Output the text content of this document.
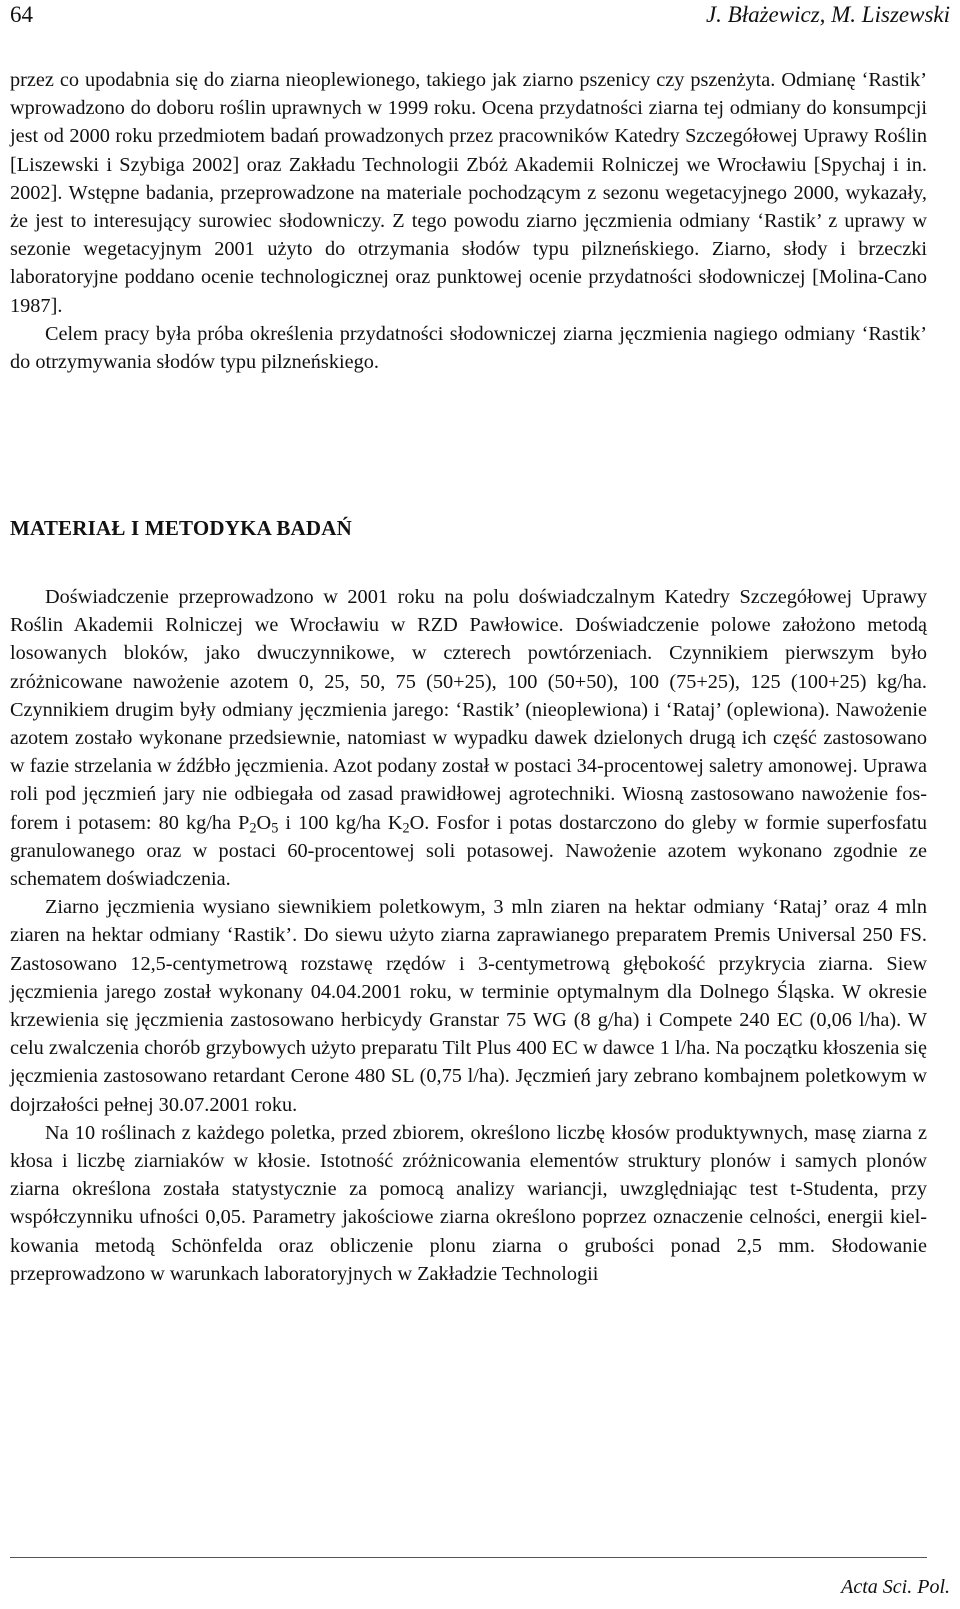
64	J. Błażewicz, M. Liszewski

przez co upodabnia się do ziarna nieoplewionego, takiego jak ziarno pszenicy czy pszenżyta. Odmianę ‘Rastik’ wprowadzono do doboru roślin uprawnych w 1999 roku. Ocena przydatności ziarna tej odmiany do konsumpcji jest od 2000 roku przedmiotem badań prowadzonych przez pracowników Katedry Szczegółowej Uprawy Roślin [Liszewski i Szybiga 2002] oraz Zakładu Technologii Zbóż Akademii Rolniczej we Wrocławiu [Spychaj i in. 2002]. Wstępne badania, przeprowadzone na materiale pochodzącym z sezonu wegetacyjnego 2000, wykazały, że jest to interesujący surowiec słodowniczy. Z tego powodu ziarno jęczmienia odmiany ‘Rastik’ z uprawy w sezonie wegetacyjnym 2001 użyto do otrzymania słodów typu pilzneńskiego. Ziarno, słody i brzeczki laboratoryjne poddano ocenie technologicznej oraz punktowej ocenie przydatności słodowniczej [Molina-Cano 1987].

Celem pracy była próba określenia przydatności słodowniczej ziarna jęczmienia nagiego odmiany ‘Rastik’ do otrzymywania słodów typu pilzneńskiego.

MATERIAŁ I METODYKA BADAŃ

Doświadczenie przeprowadzono w 2001 roku na polu doświadczalnym Katedry Szczegółowej Uprawy Roślin Akademii Rolniczej we Wrocławiu w RZD Pawłowice. Doświadczenie polowe założono metodą losowanych bloków, jako dwuczynnikowe, w czterech powtórzeniach. Czynnikiem pierwszym było zróżnicowane nawożenie azotem 0, 25, 50, 75 (50+25), 100 (50+50), 100 (75+25), 125 (100+25) kg/ha. Czynnikiem drugim były odmiany jęczmienia jarego: ‘Rastik’ (nieoplewiona) i ‘Rataj’ (oplewiona). Nawożenie azotem zostało wykonane przedsiewnie, natomiast w wypadku dawek dzielonych drugą ich część zastosowano w fazie strzelania w źdźbło jęczmienia. Azot podany został w postaci 34-procentowej saletry amonowej. Uprawa roli pod jęczmień jary nie odbiegała od zasad prawidłowej agrotechniki. Wiosną zastosowano nawożenie fosforem i potasem: 80 kg/ha $P_2O_5$ i 100 kg/ha $K_2O$. Fosfor i potas dostarczono do gleby w formie superfosfatu granulowanego oraz w postaci 60-procentowej soli potasowej. Nawożenie azotem wykonano zgodnie ze schematem doświadczenia.

Ziarno jęczmienia wysiano siewnikiem poletkowym, 3 mln ziaren na hektar odmiany ‘Rataj’ oraz 4 mln ziaren na hektar odmiany ‘Rastik’. Do siewu użyto ziarna zaprawianego preparatem Premis Universal 250 FS. Zastosowano 12,5-centymetrową rozstawę rzędów i 3-centymetrową głębokość przykrycia ziarna. Siew jęczmienia jarego został wykonany 04.04.2001 roku, w terminie optymalnym dla Dolnego Śląska. W okresie krzewienia się jęczmienia zastosowano herbicydy Granstar 75 WG (8 g/ha) i Compete 240 EC (0,06 l/ha). W celu zwalczenia chorób grzybowych użyto preparatu Tilt Plus 400 EC w dawce 1 l/ha. Na początku kłoszenia się jęczmienia zastosowano retardant Cerone 480 SL (0,75 l/ha). Jęczmień jary zebrano kombajnem poletkowym w dojrzałości pełnej 30.07.2001 roku.

Na 10 roślinach z każdego poletka, przed zbiorem, określono liczbę kłosów produktywnych, masę ziarna z kłosa i liczbę ziarniaków w kłosie. Istotność zróżnicowania elementów struktury plonów i samych plonów ziarna określona została statystycznie za pomocą analizy wariancji, uwzględniając test t-Studenta, przy współczynniku ufności 0,05. Parametry jakościowe ziarna określono poprzez oznaczenie celności, energii kielkowania metodą Schönfelda oraz obliczenie plonu ziarna o grubości ponad 2,5 mm. Słodowanie przeprowadzono w warunkach laboratoryjnych w Zakładzie Technologii

Acta Sci. Pol.
